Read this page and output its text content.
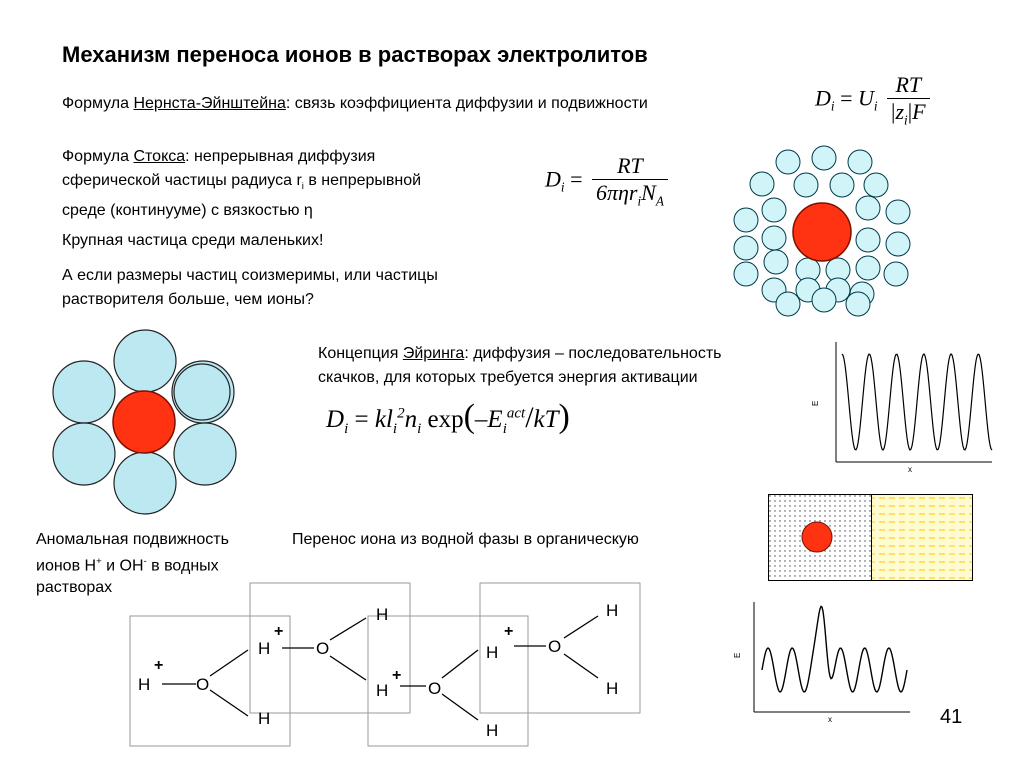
Механизм переноса ионов в растворах электролитов
Формула Нернста-Эйнштейна: связь коэффициента диффузии и подвижности	$D_i = U_i \frac{RT}{|z_i|F}$
Формула Стокса: непрерывная диффузия
сферической частицы радиуса $r_i$ в непрерывной
среде (континууме) с вязкостью η
$D_i = \frac{RT}{6\pi\eta r_iN_A}$
Крупная частица среди маленьких!
А если размеры частиц соизмеримы, или частицы
растворителя больше, чем ионы?
Концепция Эйринга: диффузия – последовательность
скачков, для которых требуется энергия активации
$D_i = kl_i^2n_i$ $\exp(-E_i^{act}/kT)$	E
x
E
x
Аномальная подвижность
ионов H+ и OH- в водных
растворах
Перенос иона из водной фазы в органическую
H	O
H
H	O
H
H O
H
H
O
H
H
+
+
+
+
41
